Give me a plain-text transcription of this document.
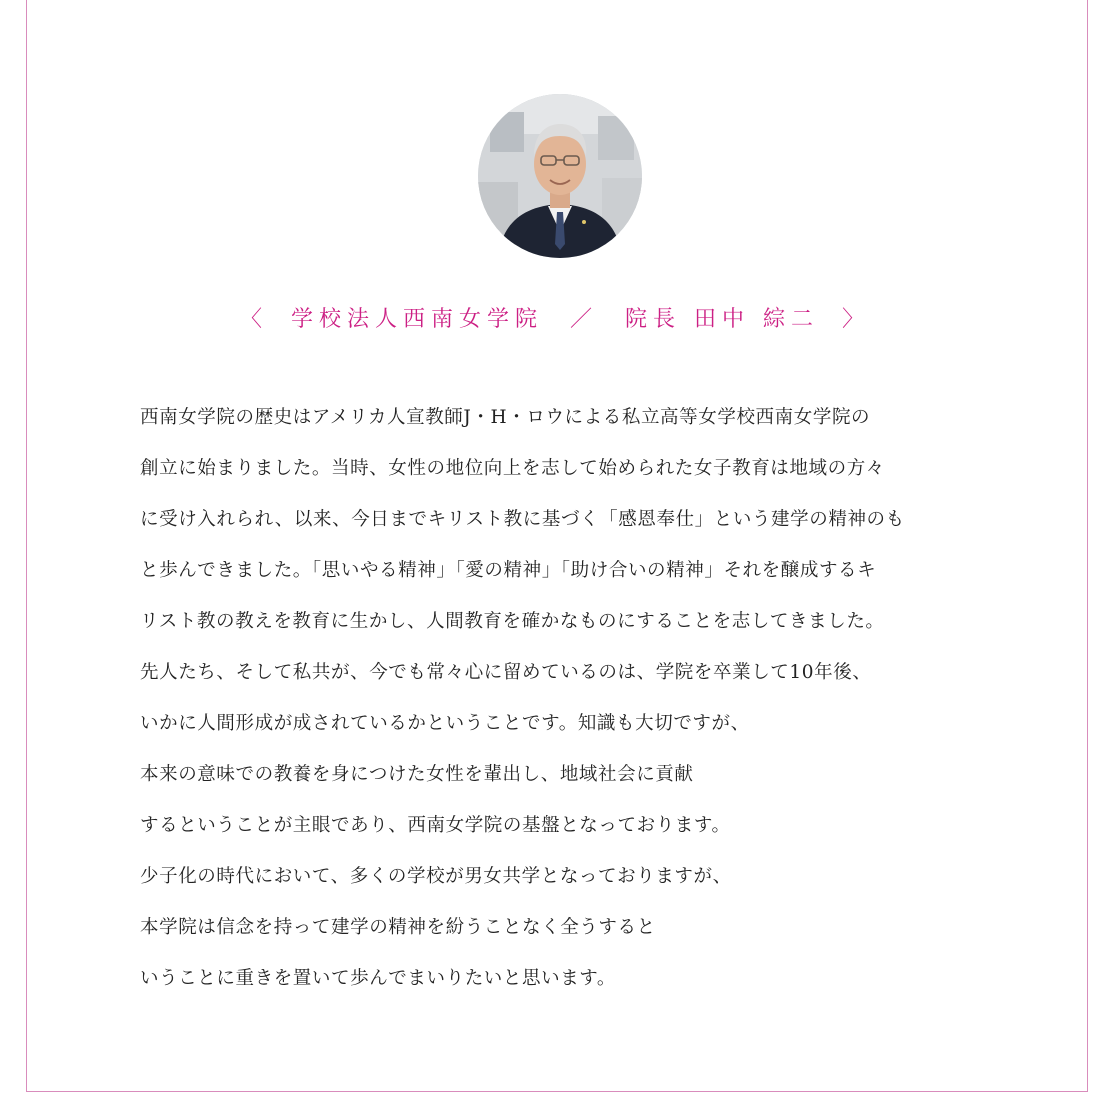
〈 学校法人西南女学院 ／ 院長 田中 綜二 〉

西南女学院の歴史はアメリカ人宣教師J・H・ロウによる私立高等女学校西南女学院の

創立に始まりました。当時、女性の地位向上を志して始められた女子教育は地域の方々

に受け入れられ、以来、今日までキリスト教に基づく「感恩奉仕」という建学の精神のも

と歩んできました。「思いやる精神」「愛の精神」「助け合いの精神」それを醸成するキ

リスト教の教えを教育に生かし、人間教育を確かなものにすることを志してきました。

先人たち、そして私共が、今でも常々心に留めているのは、学院を卒業して10年後、

いかに人間形成が成されているかということです。知識も大切ですが、

本来の意味での教養を身につけた女性を輩出し、地域社会に貢献

するということが主眼であり、西南女学院の基盤となっております。

少子化の時代において、多くの学校が男女共学となっておりますが、

本学院は信念を持って建学の精神を紛うことなく全うすると

いうことに重きを置いて歩んでまいりたいと思います。
